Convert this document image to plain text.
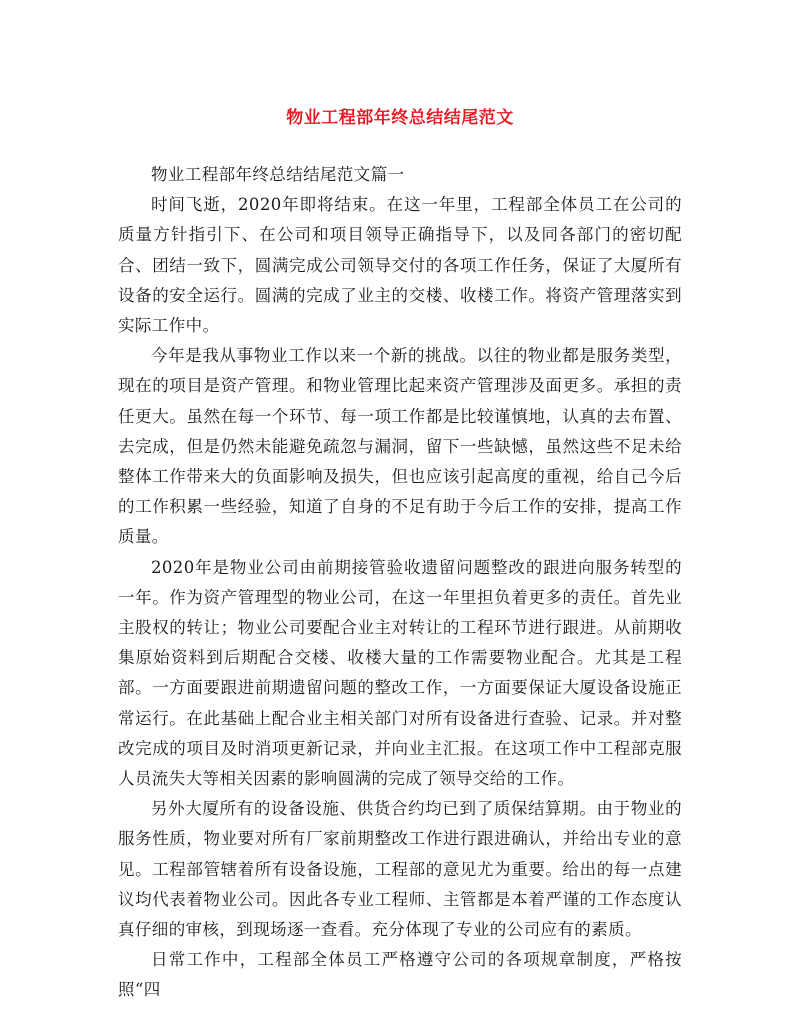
物业工程部年终总结结尾范文

物业工程部年终总结结尾范文篇一

时间飞逝，2020年即将结束。在这一年里，工程部全体员工在公司的质量方针指引下、在公司和项目领导正确指导下，以及同各部门的密切配合、团结一致下，圆满完成公司领导交付的各项工作任务，保证了大厦所有设备的安全运行。圆满的完成了业主的交楼、收楼工作。将资产管理落实到实际工作中。

今年是我从事物业工作以来一个新的挑战。以往的物业都是服务类型，现在的项目是资产管理。和物业管理比起来资产管理涉及面更多。承担的责任更大。虽然在每一个环节、每一项工作都是比较谨慎地，认真的去布置、去完成，但是仍然未能避免疏忽与漏洞，留下一些缺憾，虽然这些不足未给整体工作带来大的负面影响及损失，但也应该引起高度的重视，给自己今后的工作积累一些经验，知道了自身的不足有助于今后工作的安排，提高工作质量。

2020年是物业公司由前期接管验收遗留问题整改的跟进向服务转型的一年。作为资产管理型的物业公司，在这一年里担负着更多的责任。首先业主股权的转让；物业公司要配合业主对转让的工程环节进行跟进。从前期收集原始资料到后期配合交楼、收楼大量的工作需要物业配合。尤其是工程部。一方面要跟进前期遗留问题的整改工作，一方面要保证大厦设备设施正常运行。在此基础上配合业主相关部门对所有设备进行查验、记录。并对整改完成的项目及时消项更新记录，并向业主汇报。在这项工作中工程部克服人员流失大等相关因素的影响圆满的完成了领导交给的工作。

另外大厦所有的设备设施、供货合约均已到了质保结算期。由于物业的服务性质，物业要对所有厂家前期整改工作进行跟进确认，并给出专业的意见。工程部管辖着所有设备设施，工程部的意见尤为重要。给出的每一点建议均代表着物业公司。因此各专业工程师、主管都是本着严谨的工作态度认真仔细的审核，到现场逐一查看。充分体现了专业的公司应有的素质。

日常工作中，工程部全体员工严格遵守公司的各项规章制度，严格按照“四
